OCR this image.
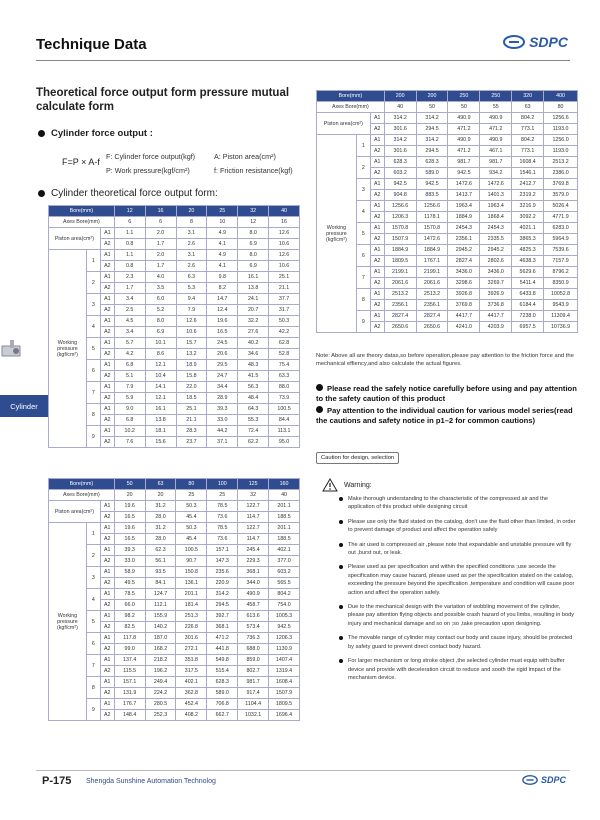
Technique Data	SDPC
Theoretical force output form pressure mutual calculate form
Cylinder force output :
F=P × A-f
F: Cylinder force output(kgf)	A: Piston area(cm²)
P: Work pressure(kgf/cm²)	f: Friction resistance(kgf)
Cylinder theoretical force output form:
Cylinder
Bore(mm)			12	16	20	25	32	40
Axes Bore(mm)			6	6	8	10	12	16
Piston area(cm²)		A1	1.1	2.0	3.1	4.9	8.0	12.6
		A2	0.8	1.7	2.6	4.1	6.9	10.6
Working pressure (kgf/cm²)	1	A1	1.1	2.0	3.1	4.9	8.0	12.6
		A2	0.8	1.7	2.6	4.1	6.9	10.6
	2	A1	2.3	4.0	6.3	9.8	16.1	25.1
		A2	1.7	3.5	5.3	8.2	13.8	21.1
	3	A1	3.4	6.0	9.4	14.7	24.1	37.7
		A2	2.5	5.2	7.9	12.4	20.7	31.7
	4	A1	4.5	8.0	12.6	19.6	32.2	50.3
		A2	3.4	6.9	10.6	16.5	27.6	42.2
	5	A1	5.7	10.1	15.7	24.5	40.2	62.8
		A2	4.2	8.6	13.2	20.6	34.6	52.8
	6	A1	6.8	12.1	18.9	29.5	48.3	75.4
		A2	5.1	10.4	15.8	24.7	41.5	63.3
	7	A1	7.9	14.1	22.0	34.4	56.3	88.0
		A2	5.9	12.1	18.5	28.9	48.4	73.9
	8	A1	9.0	16.1	25.1	39.3	64.3	100.5
		A2	6.8	13.8	21.1	33.0	55.3	84.4
	9	A1	10.2	18.1	28.3	44.2	72.4	113.1
		A2	7.6	15.6	23.7	37.1	62.2	95.0
Bore(mm)			50	63	80	100	125	160
Axes Bore(mm)			20	20	25	25	32	40
Piston area(cm²)		A1	19.6	31.2	50.3	78.5	122.7	201.1
		A2	16.5	28.0	45.4	73.6	114.7	188.5
Working pressure (kgf/cm²)	1	A1	19.6	31.2	50.3	78.5	122.7	201.1
		A2	16.5	28.0	45.4	73.6	114.7	188.5
	2	A1	39.3	62.3	100.5	157.1	245.4	402.1
		A2	33.0	56.1	90.7	147.3	229.3	377.0
	3	A1	58.9	93.5	150.8	235.6	368.1	603.2
		A2	49.5	84.1	136.1	220.9	344.0	565.5
	4	A1	78.5	124.7	201.1	314.2	490.9	804.2
		A2	66.0	112.1	181.4	294.5	458.7	754.0
	5	A1	98.2	155.9	251.3	392.7	613.6	1005.3
		A2	82.5	140.2	226.8	368.1	573.4	942.5
	6	A1	117.8	187.0	301.6	471.2	736.3	1206.3
		A2	99.0	168.2	272.1	441.8	688.0	1130.9
	7	A1	137.4	218.2	351.8	549.8	859.0	1407.4
		A2	115.5	196.2	317.5	515.4	802.7	1319.4
	8	A1	157.1	249.4	402.1	628.3	981.7	1608.4
		A2	131.9	224.2	362.8	589.0	917.4	1507.9
	9	A1	176.7	280.5	452.4	706.8	1104.4	1809.5
		A2	148.4	252.3	408.2	662.7	1032.1	1696.4
Bore(mm)			200	200	250	250	320	400
Axes Bore(mm)			40	50	50	55	63	80
Piston area(cm²)		A1	314.2	314.2	490.9	490.9	804.2	1256.6
		A2	301.6	294.5	471.2	471.2	773.1	1193.0
Working pressure (kgf/cm²)	1	A1	314.2	314.2	490.9	490.9	804.2	1256.0
		A2	301.6	294.5	471.2	467.1	773.1	1193.0
	2	A1	628.3	628.3	981.7	981.7	1608.4	2513.2
		A2	603.2	589.0	942.5	934.2	1546.1	2386.0
	3	A1	942.5	942.5	1472.6	1472.6	2412.7	3769.8
		A2	904.8	883.5	1413.7	1401.3	2319.2	3579.0
	4	A1	1256.6	1256.6	1963.4	1963.4	3216.9	5026.4
		A2	1206.3	1178.1	1884.9	1868.4	3092.2	4771.9
	5	A1	1570.8	1570.8	2454.3	2454.3	4021.1	6283.0
		A2	1507.9	1472.6	2356.1	2335.5	3865.3	5964.9
	6	A1	1884.9	1884.9	2945.2	2945.2	4825.3	7539.6
		A2	1809.5	1767.1	2827.4	2802.6	4638.3	7157.9
	7	A1	2199.1	2199.1	3436.0	3436.0	5629.6	8796.2
		A2	2061.6	2061.6	3298.6	3269.7	5411.4	8350.9
	8	A1	2513.2	2513.2	3926.8	3926.9	6433.8	10052.8
		A2	2356.1	2356.1	3769.8	3736.8	6184.4	9543.9
	9	A1	2827.4	2827.4	4417.7	4417.7	7238.0	11309.4
		A2	2650.6	2650.6	4241.0	4203.9	6957.5	10736.9
Note: Above all are theory datas,so before operation,please pay attention to the friction force and the mechanical effiency,and also calculate the actual figures.
Please read the safely notice carefully before using and pay attention to the safety caution of this product
Pay attention to the individual caution for various model series(read the cautions and safety notice in p1–2 for common cautions)
Caution for design, selection
Warning:
Make thorough understanding to the characteristic of the compressed air and the application of this product while designing circuit
Please use only the fluid stated on the catalog, don't use the fluid other than limited, in order to prevent damage of product and affect the operation safely
The air used is compressed air ,please note that expandable and unstable pressure will fly out ,burst out, or leak.
Please used as per specification and within the specified conditions ;use secede the specification may cause hazard, please used as per the specification stated on the catalog, exceeding the pressure beyond the specification ,temperature and condition will cause poor action and affect the operation safely.
Due to the mechanical design with the variation of wobbling movement of the cylinder, please pay attention flying objects and possible crash hazard of you limbs, resulting in body injury and mechanical damage and so on ;so ,take precaution upon designing.
The movable range of cylinder may contact our body and cause injury, should be protected by safety guard to prevent direct contact body hazard.
For larger mechanism or long stroke object ,the selected cylinder must equip with buffer device and provide with deceleration circuit to reduce and sooth the rigid impact of the mechanism device.
P-175 Shengda Sunshine Automation Technolog	SDPC
